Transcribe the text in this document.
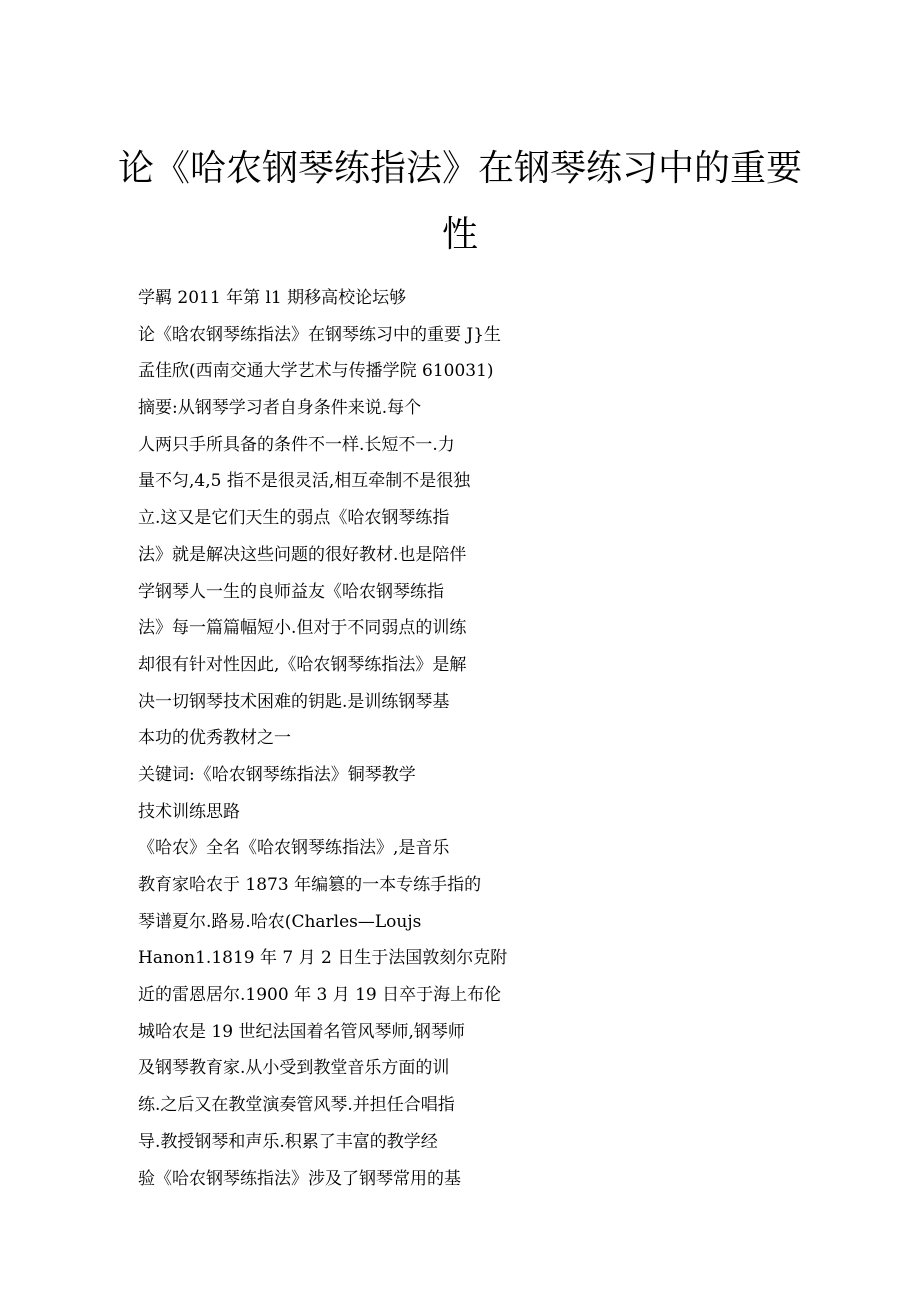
论《哈农钢琴练指法》在钢琴练习中的重要
性
学羁 2011 年第 l1 期移高校论坛够
论《晗农钢琴练指法》在钢琴练习中的重要 J}生
孟佳欣(西南交通大学艺术与传播学院 610031)
摘要:从钢琴学习者自身条件来说.每个
人两只手所具备的条件不一样.长短不一.力
量不匀,4,5 指不是很灵活,相互牵制不是很独
立.这又是它们天生的弱点《哈农钢琴练指
法》就是解决这些问题的很好教材.也是陪伴
学钢琴人一生的良师益友《哈农钢琴练指
法》每一篇篇幅短小.但对于不同弱点的训练
却很有针对性因此,《哈农钢琴练指法》是解
决一切钢琴技术困难的钥匙.是训练钢琴基
本功的优秀教材之一
关键词:《哈农钢琴练指法》铜琴教学
技术训练思路
《哈农》全名《哈农钢琴练指法》,是音乐
教育家哈农于 1873 年编篡的一本专练手指的
琴谱夏尔.路易.哈农(Charles—Loujs
Hanon1.1819 年 7 月 2 日生于法国敦刻尔克附
近的雷恩居尔.1900 年 3 月 19 日卒于海上布伦
城哈农是 19 世纪法国着名管风琴师,钢琴师
及钢琴教育家.从小受到教堂音乐方面的训
练.之后又在教堂演奏管风琴.并担任合唱指
导.教授钢琴和声乐.积累了丰富的教学经
验《哈农钢琴练指法》涉及了钢琴常用的基
